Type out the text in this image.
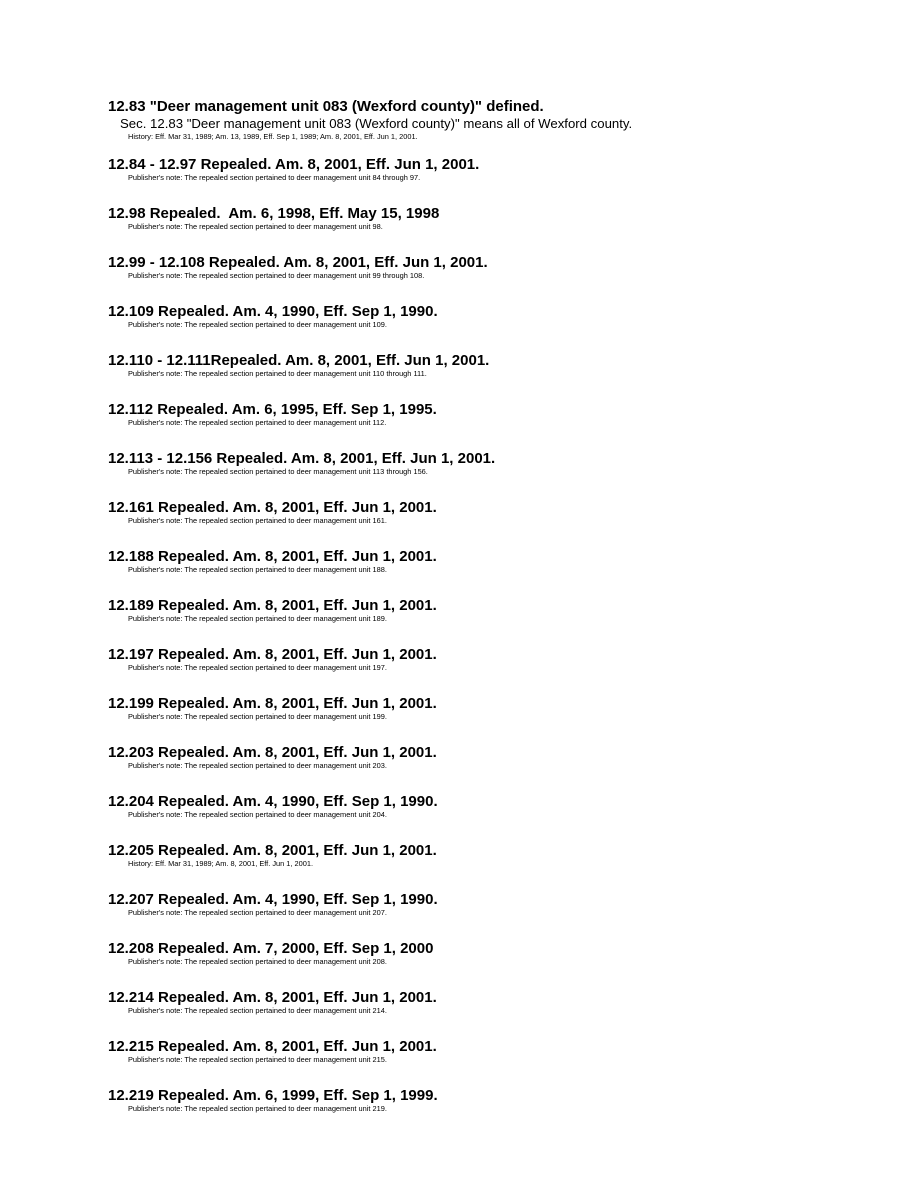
12.83 "Deer management unit 083 (Wexford county)" defined.
Sec. 12.83 "Deer management unit 083 (Wexford county)" means all of Wexford county.
History: Eff. Mar 31, 1989; Am. 13, 1989, Eff. Sep 1, 1989; Am. 8, 2001, Eff. Jun 1, 2001.
12.84 - 12.97 Repealed. Am. 8, 2001, Eff. Jun 1, 2001.
Publisher's note: The repealed section pertained to deer management unit 84 through 97.
12.98 Repealed.  Am. 6, 1998, Eff. May 15, 1998
Publisher's note: The repealed section pertained to deer management unit 98.
12.99 - 12.108 Repealed. Am. 8, 2001, Eff. Jun 1, 2001.
Publisher's note: The repealed section pertained to deer management unit 99 through 108.
12.109 Repealed. Am. 4, 1990, Eff. Sep 1, 1990.
Publisher's note: The repealed section pertained to deer management unit 109.
12.110 - 12.111Repealed. Am. 8, 2001, Eff. Jun 1, 2001.
Publisher's note: The repealed section pertained to deer management unit 110 through 111.
12.112 Repealed. Am. 6, 1995, Eff. Sep 1, 1995.
Publisher's note: The repealed section pertained to deer management unit 112.
12.113 - 12.156 Repealed. Am. 8, 2001, Eff. Jun 1, 2001.
Publisher's note: The repealed section pertained to deer management unit 113 through 156.
12.161 Repealed. Am. 8, 2001, Eff. Jun 1, 2001.
Publisher's note: The repealed section pertained to deer management unit 161.
12.188 Repealed. Am. 8, 2001, Eff. Jun 1, 2001.
Publisher's note: The repealed section pertained to deer management unit 188.
12.189 Repealed. Am. 8, 2001, Eff. Jun 1, 2001.
Publisher's note: The repealed section pertained to deer management unit 189.
12.197 Repealed. Am. 8, 2001, Eff. Jun 1, 2001.
Publisher's note: The repealed section pertained to deer management unit 197.
12.199 Repealed. Am. 8, 2001, Eff. Jun 1, 2001.
Publisher's note: The repealed section pertained to deer management unit 199.
12.203 Repealed. Am. 8, 2001, Eff. Jun 1, 2001.
Publisher's note: The repealed section pertained to deer management unit 203.
12.204 Repealed. Am. 4, 1990, Eff. Sep 1, 1990.
Publisher's note: The repealed section pertained to deer management unit 204.
12.205 Repealed. Am. 8, 2001, Eff. Jun 1, 2001.
History: Eff. Mar 31, 1989; Am. 8, 2001, Eff. Jun 1, 2001.
12.207 Repealed. Am. 4, 1990, Eff. Sep 1, 1990.
Publisher's note: The repealed section pertained to deer management unit 207.
12.208 Repealed. Am. 7, 2000, Eff. Sep 1, 2000
Publisher's note: The repealed section pertained to deer management unit 208.
12.214 Repealed. Am. 8, 2001, Eff. Jun 1, 2001.
Publisher's note: The repealed section pertained to deer management unit 214.
12.215 Repealed. Am. 8, 2001, Eff. Jun 1, 2001.
Publisher's note: The repealed section pertained to deer management unit 215.
12.219 Repealed. Am. 6, 1999, Eff. Sep 1, 1999.
Publisher's note: The repealed section pertained to deer management unit 219.
